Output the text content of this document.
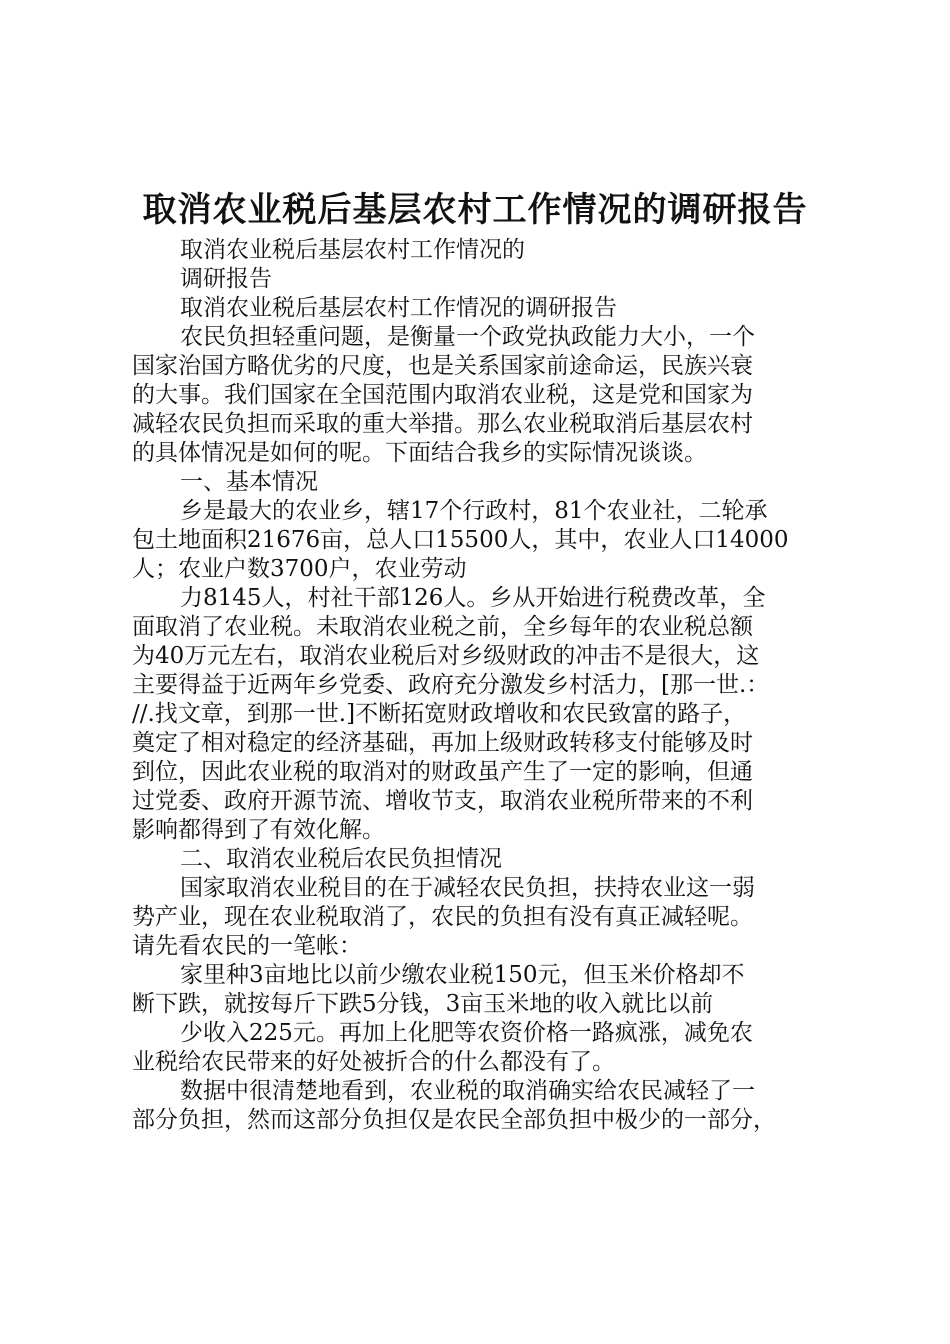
取消农业税后基层农村工作情况的调研报告
取消农业税后基层农村工作情况的
调研报告
取消农业税后基层农村工作情况的调研报告
农民负担轻重问题，是衡量一个政党执政能力大小，一个
国家治国方略优劣的尺度，也是关系国家前途命运，民族兴衰
的大事。我们国家在全国范围内取消农业税，这是党和国家为
减轻农民负担而采取的重大举措。那么农业税取消后基层农村
的具体情况是如何的呢。下面结合我乡的实际情况谈谈。
一、基本情况
乡是最大的农业乡，辖17个行政村，81个农业社，二轮承
包土地面积21676亩，总人口15500人，其中，农业人口14000
人；农业户数3700户，农业劳动
力8145人，村社干部126人。乡从开始进行税费改革，全
面取消了农业税。未取消农业税之前，全乡每年的农业税总额
为40万元左右，取消农业税后对乡级财政的冲击不是很大，这
主要得益于近两年乡党委、政府充分激发乡村活力，[那一世.：
//.找文章，到那一世.]不断拓宽财政增收和农民致富的路子，
奠定了相对稳定的经济基础，再加上级财政转移支付能够及时
到位，因此农业税的取消对的财政虽产生了一定的影响，但通
过党委、政府开源节流、增收节支，取消农业税所带来的不利
影响都得到了有效化解。
二、取消农业税后农民负担情况
国家取消农业税目的在于减轻农民负担，扶持农业这一弱
势产业，现在农业税取消了，农民的负担有没有真正减轻呢。
请先看农民的一笔帐：
家里种3亩地比以前少缴农业税150元，但玉米价格却不
断下跌，就按每斤下跌5分钱，3亩玉米地的收入就比以前
少收入225元。再加上化肥等农资价格一路疯涨，减免农
业税给农民带来的好处被折合的什么都没有了。
数据中很清楚地看到，农业税的取消确实给农民减轻了一
部分负担，然而这部分负担仅是农民全部负担中极少的一部分，
